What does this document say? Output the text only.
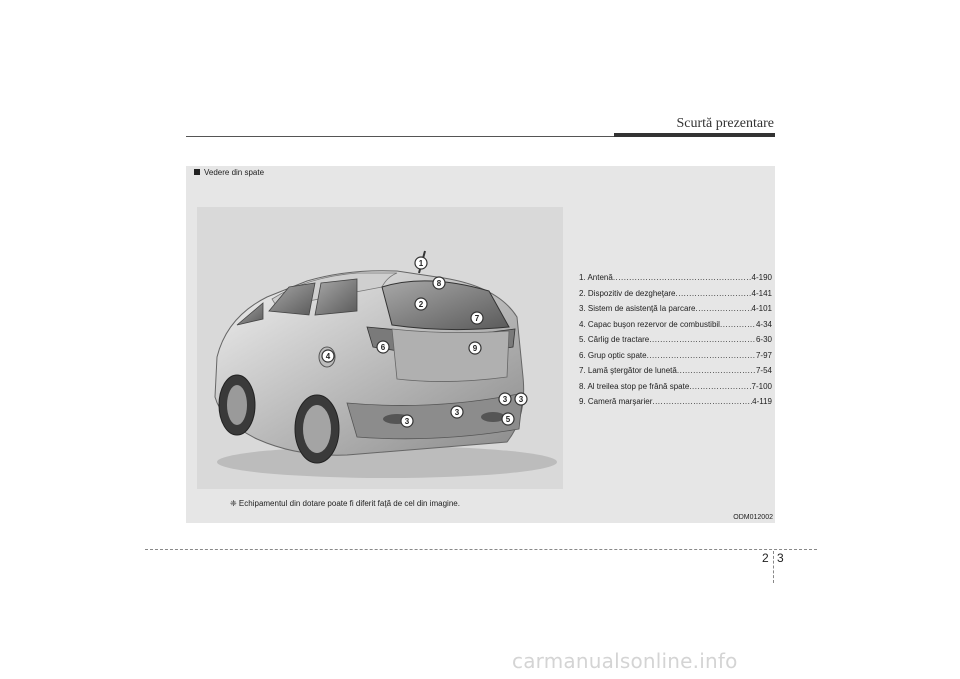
Scurtă prezentare
Vedere din spate
1
8
2
7
6	9
4
3 3
3
3	5
1. Antenă .....	4-190
2. Dispozitiv de dezgheţare .....	4-141
3. Sistem de asistenţă la parcare .....	4-101
4. Capac buşon rezervor de combustibil .....	4-34
5. Cârlig de tractare .....	6-30
6. Grup optic spate .....	7-97
7. Lamă ştergător de lunetă .....	7-54
8. Al treilea stop pe frână spate .....	7-100
9. Cameră marşarier .....	4-119
❈ Echipamentul din dotare poate fi diferit faţă de cel din imagine.
ODM012002
2 3
carmanualsonline.info
